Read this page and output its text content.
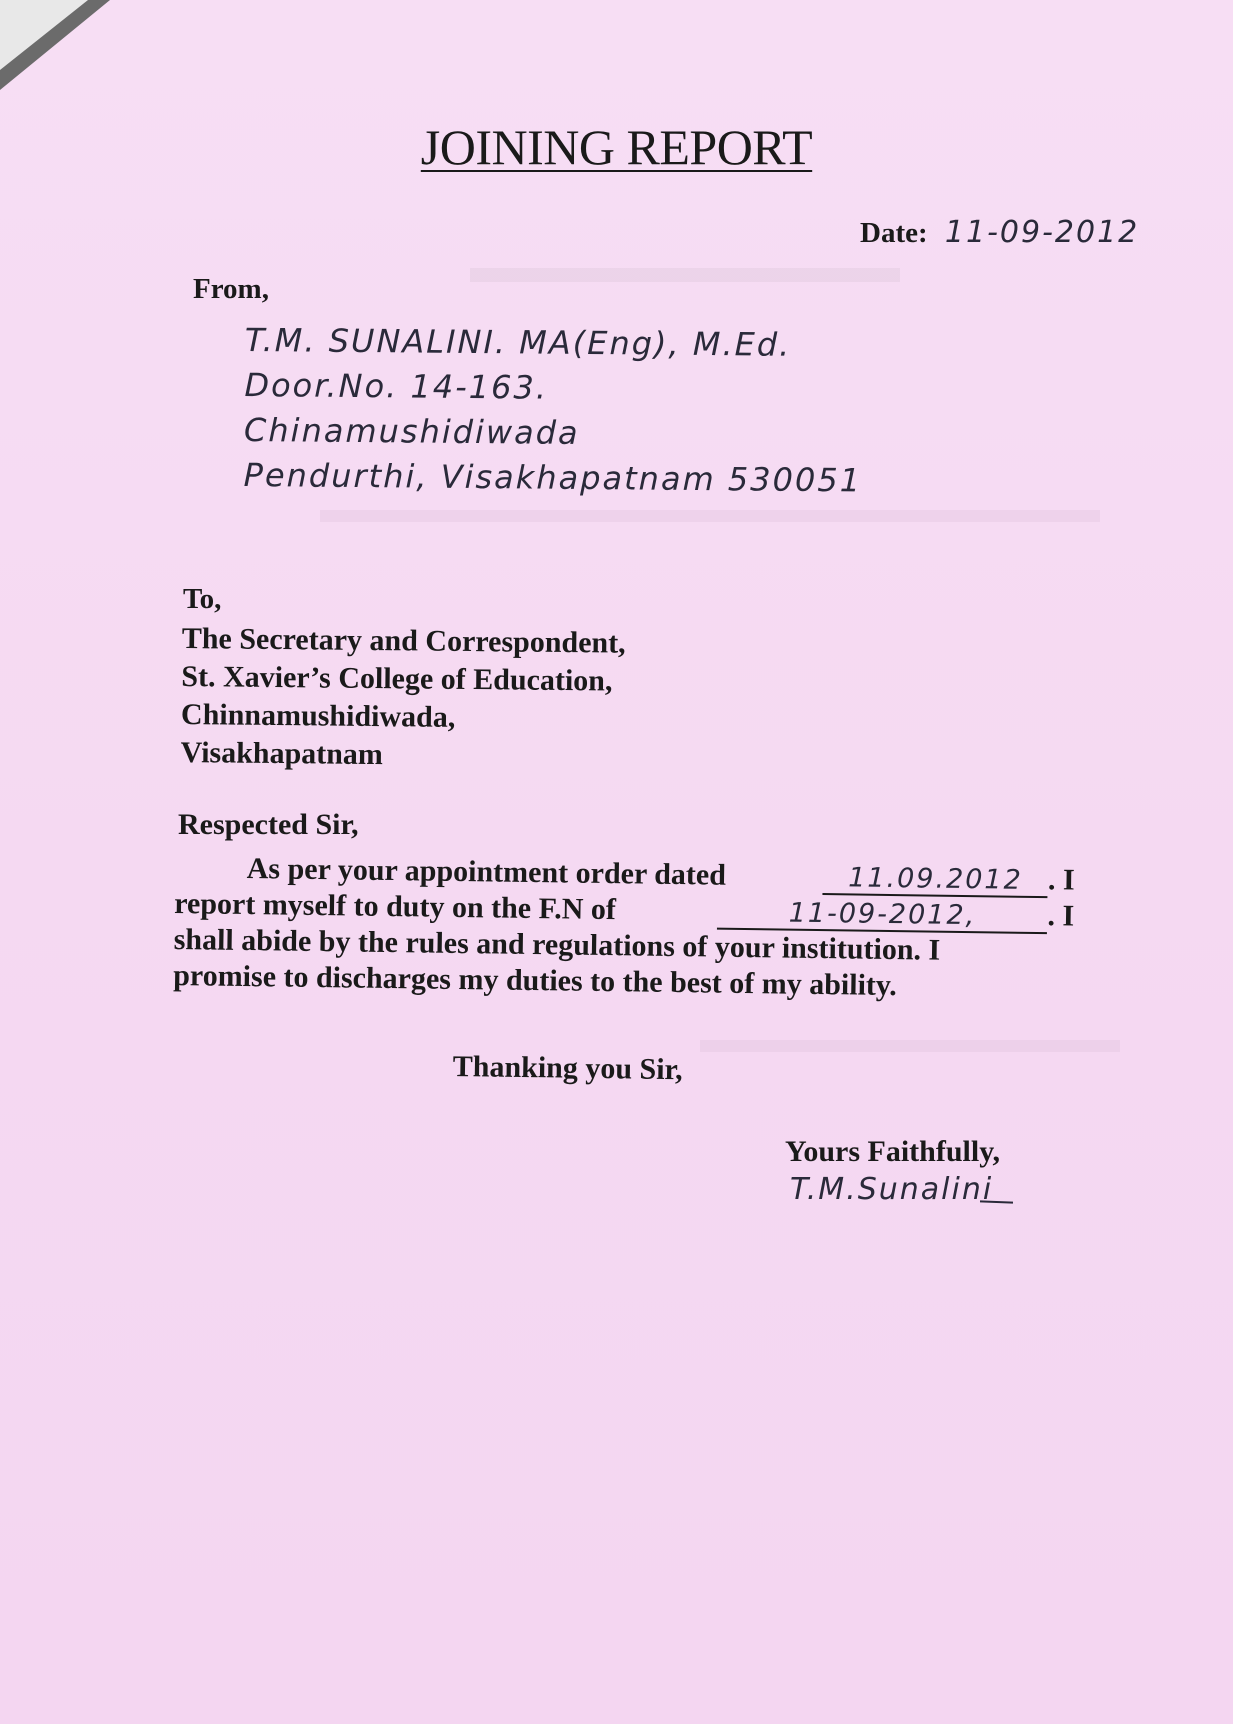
JOINING REPORT
Date: 11-09-2012
From,
T.M. SUNALINI. MA(Eng), M.Ed.
Door.No. 14-163.
Chinamushidiwada
Pendurthi, Visakhapatnam 530051
To,
The Secretary and Correspondent,
St. Xavier’s College of Education,
Chinnamushidiwada,
Visakhapatnam
Respected Sir,
As per your appointment order dated	11.09.2012 . I
report myself to duty on the F.N of	11-09-2012, . I
shall abide by the rules and regulations of your institution. I
promise to discharges my duties to the best of my ability.
Thanking you Sir,
Yours Faithfully,
T.M.Sunalini
